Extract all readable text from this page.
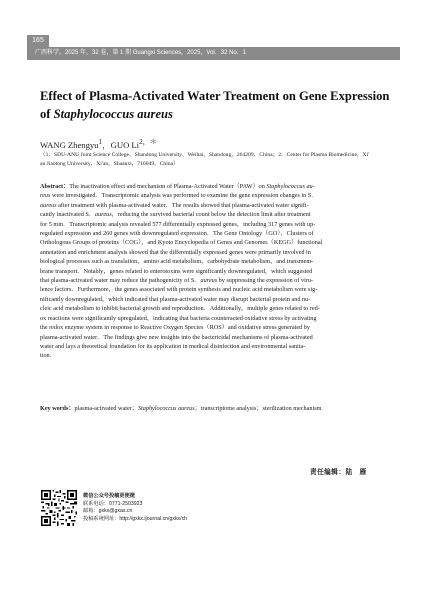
165
广西科学，2025 年，32 卷，第 1 期 Guangxi Sciences，2025，Vol．32 No．1
Effect of Plasma-Activated Water Treatment on Gene Expression
of Staphylococcus aureus
WANG Zhengyu$^1$，GUO $Li^{2,*}$
（1．SDU-ANU Joint Science College，Shandong University，Weihai，Shandong，264209，China；2．Center for Plasma Biomedicine，Xi'
an Jiaotong University，Xi'an，Shaanxi，710049，China）
Abstract：The inactivation effect and mechanism of Plasma-Activated Water（PAW）on Staphylococcus au-
reus were investigated．Transcriptomic analysis was performed to examine the gene expression changes in S．
aureus after treatment with plasma-activated water．The results showed that plasma-activated water signifi-
cantly inactivated S．aureus，reducing the survived bacterial count below the detection limit after treatment
for 5 min．Transcriptomic analysis revealed 577 differentially expressed genes，including 317 genes with up-
regulated expression and 260 genes with downregulated expression．The Gene Ontology（GO），Clusters of
Orthologous Groups of proteins（COG），and Kyoto Encyclopedia of Genes and Genomes（KEGG）functional
annotation and enrichment analysis showed that the differentially expressed genes were primarily involved in
biological processes such as translation，amino acid metabolism，carbohydrate metabolism，and transmem-
brane transport．Notably，genes related to enterotoxins were significantly downregulated，which suggested
that plasma-activated water may reduce the pathogenicity of S．aureus by suppressing the expression of viru-
lence factors．Furthermore，the genes associated with protein synthesis and nucleic acid metabolism were sig-
nificantly downregulated，which indicated that plasma-activated water may disrupt bacterial protein and nu-
cleic acid metabolism to inhibit bacterial growth and reproduction．Additionally，multiple genes related to red-
ox reactions were significantly upregulated，indicating that bacteria counteracted oxidative stress by activating
the redox enzyme system in response to Reactive Oxygen Species（ROS）and oxidative stress generated by
plasma-activated water．The findings give new insights into the bactericidal mechanisms of plasma-activated
water and lays a theoretical foundation for its application in medical disinfection and environmental sanita-
tion．
Key words：plasma-activated water；Staphylococcus aureus；transcriptome analysis；sterilization mechanism
责任编辑：陆　雁
微信公众号投稿更便捷
联系电话：0771-2503923
邮箱：gxkx@gxas.cn
投稿系统网址：http://gxkx.ijournal.cn/gxkx/ch
